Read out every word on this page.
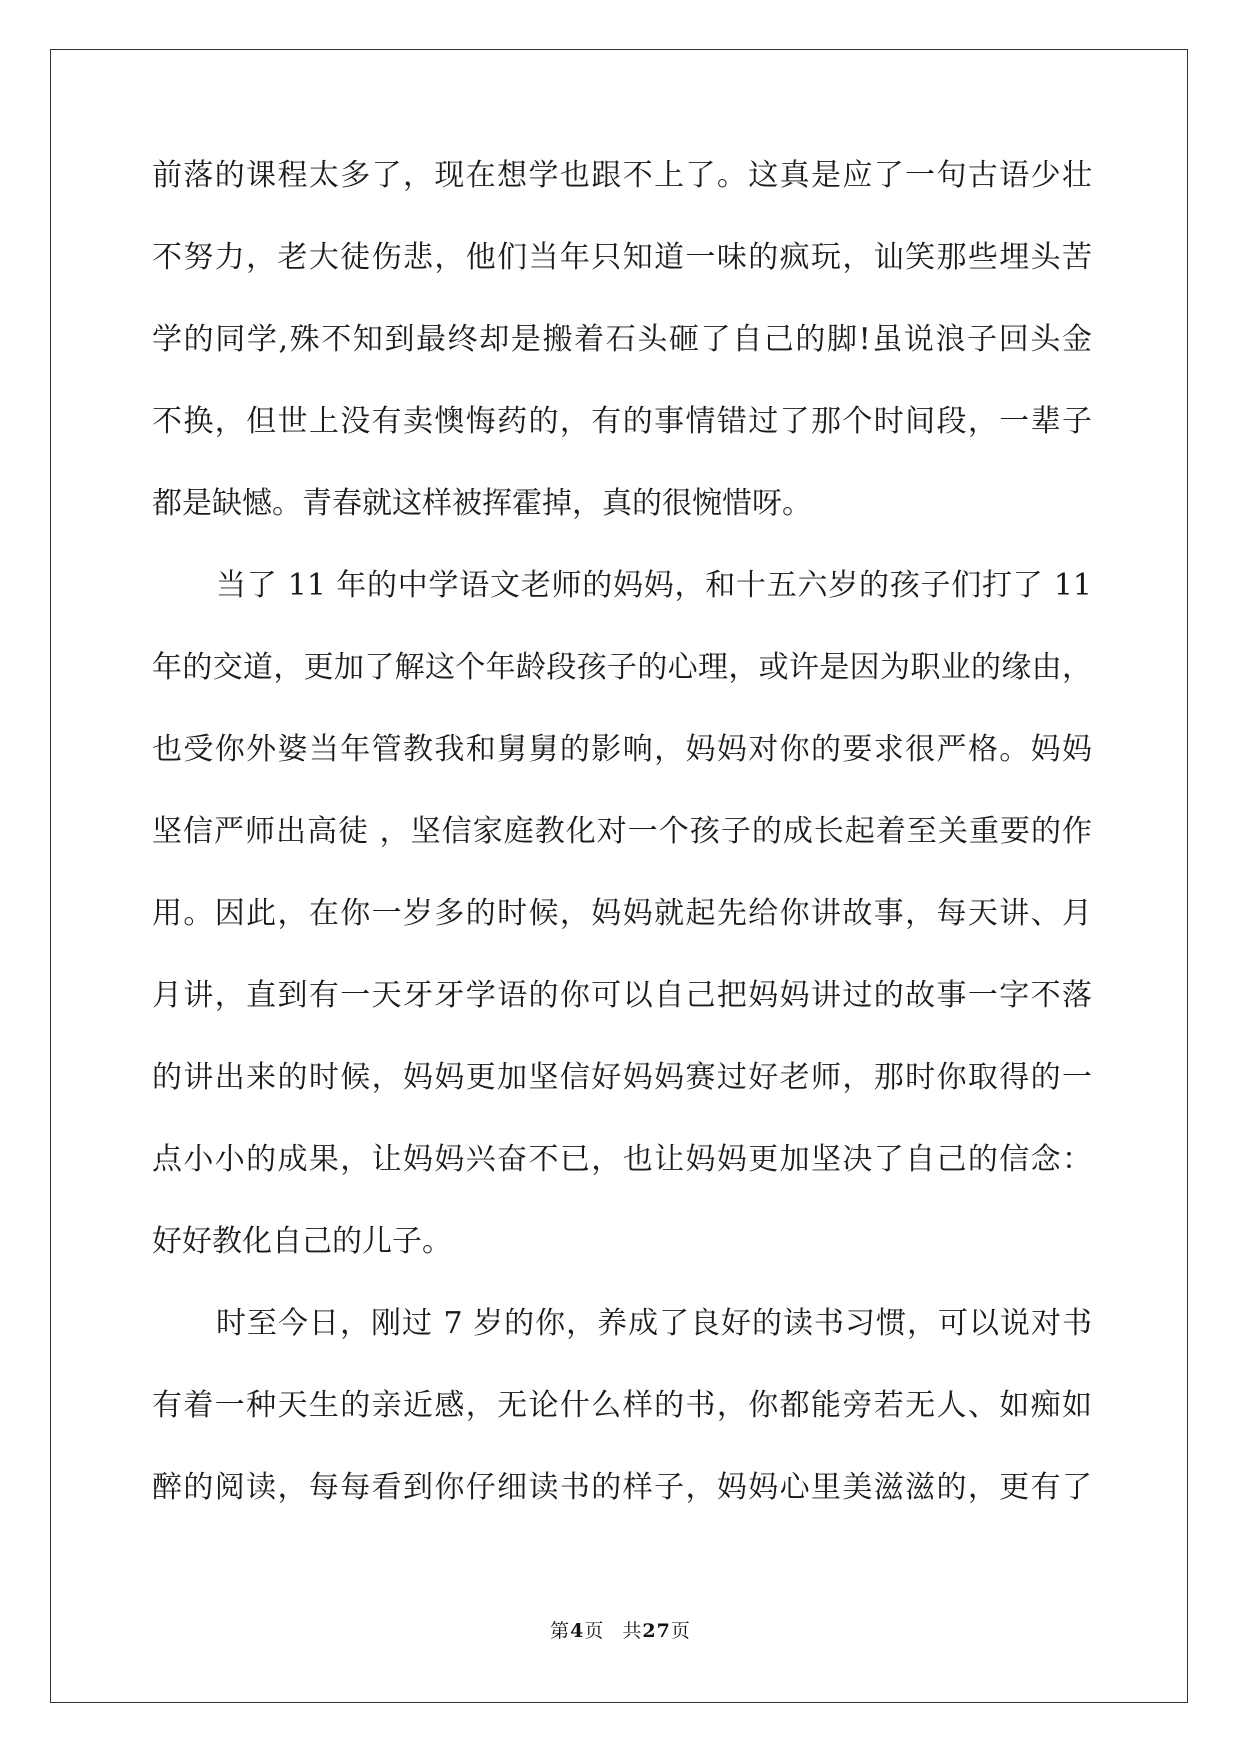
前落的课程太多了，现在想学也跟不上了。这真是应了一句古语少壮
不努力，老大徒伤悲，他们当年只知道一味的疯玩，讪笑那些埋头苦
学的同学,殊不知到最终却是搬着石头砸了自己的脚!虽说浪子回头金
不换，但世上没有卖懊悔药的，有的事情错过了那个时间段，一辈子
都是缺憾。青春就这样被挥霍掉，真的很惋惜呀。
当了 11 年的中学语文老师的妈妈，和十五六岁的孩子们打了 11
年的交道，更加了解这个年龄段孩子的心理，或许是因为职业的缘由，
也受你外婆当年管教我和舅舅的影响，妈妈对你的要求很严格。妈妈
坚信严师出高徒 ，坚信家庭教化对一个孩子的成长起着至关重要的作
用。因此，在你一岁多的时候，妈妈就起先给你讲故事，每天讲、月
月讲，直到有一天牙牙学语的你可以自己把妈妈讲过的故事一字不落
的讲出来的时候，妈妈更加坚信好妈妈赛过好老师，那时你取得的一
点小小的成果，让妈妈兴奋不已，也让妈妈更加坚决了自己的信念：
好好教化自己的儿子。
时至今日，刚过 7 岁的你，养成了良好的读书习惯，可以说对书
有着一种天生的亲近感，无论什么样的书，你都能旁若无人、如痴如
醉的阅读，每每看到你仔细读书的样子，妈妈心里美滋滋的，更有了
第4页 共27页
